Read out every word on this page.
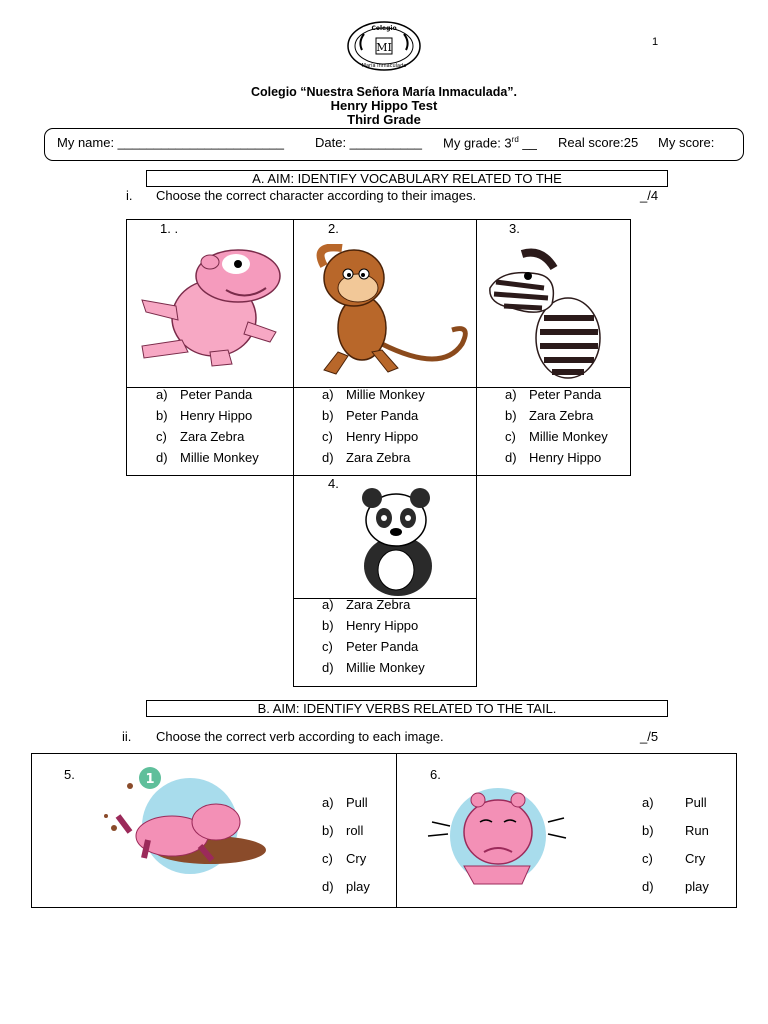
MI
Colegio
María Inmaculada
1
Colegio “Nuestra Señora María Inmaculada”.
Henry Hippo Test
Third Grade
My name: _______________________ Date: __________ My grade: 3rd __ Real score:25 My score:
A. AIM: IDENTIFY VOCABULARY RELATED TO THE
i. Choose the correct character according to their images.	_/4
1. .	2.	3.
4.
a) Peter Panda
b) Henry Hippo
c) Zara Zebra
d) Millie Monkey
a) Millie Monkey
b) Peter Panda
c) Henry Hippo
d) Zara Zebra
a) Peter Panda
b) Zara Zebra
c) Millie Monkey
d) Henry Hippo
a) Zara Zebra
b) Henry Hippo
c) Peter Panda
d) Millie Monkey
B. AIM: IDENTIFY VERBS RELATED TO THE TAIL.
ii. Choose the correct verb according to each image.	_/5
5.	6.
1
a) Pull
b) roll
c) Cry
d) play
a) Pull
b) Run
c) Cry
d) play
